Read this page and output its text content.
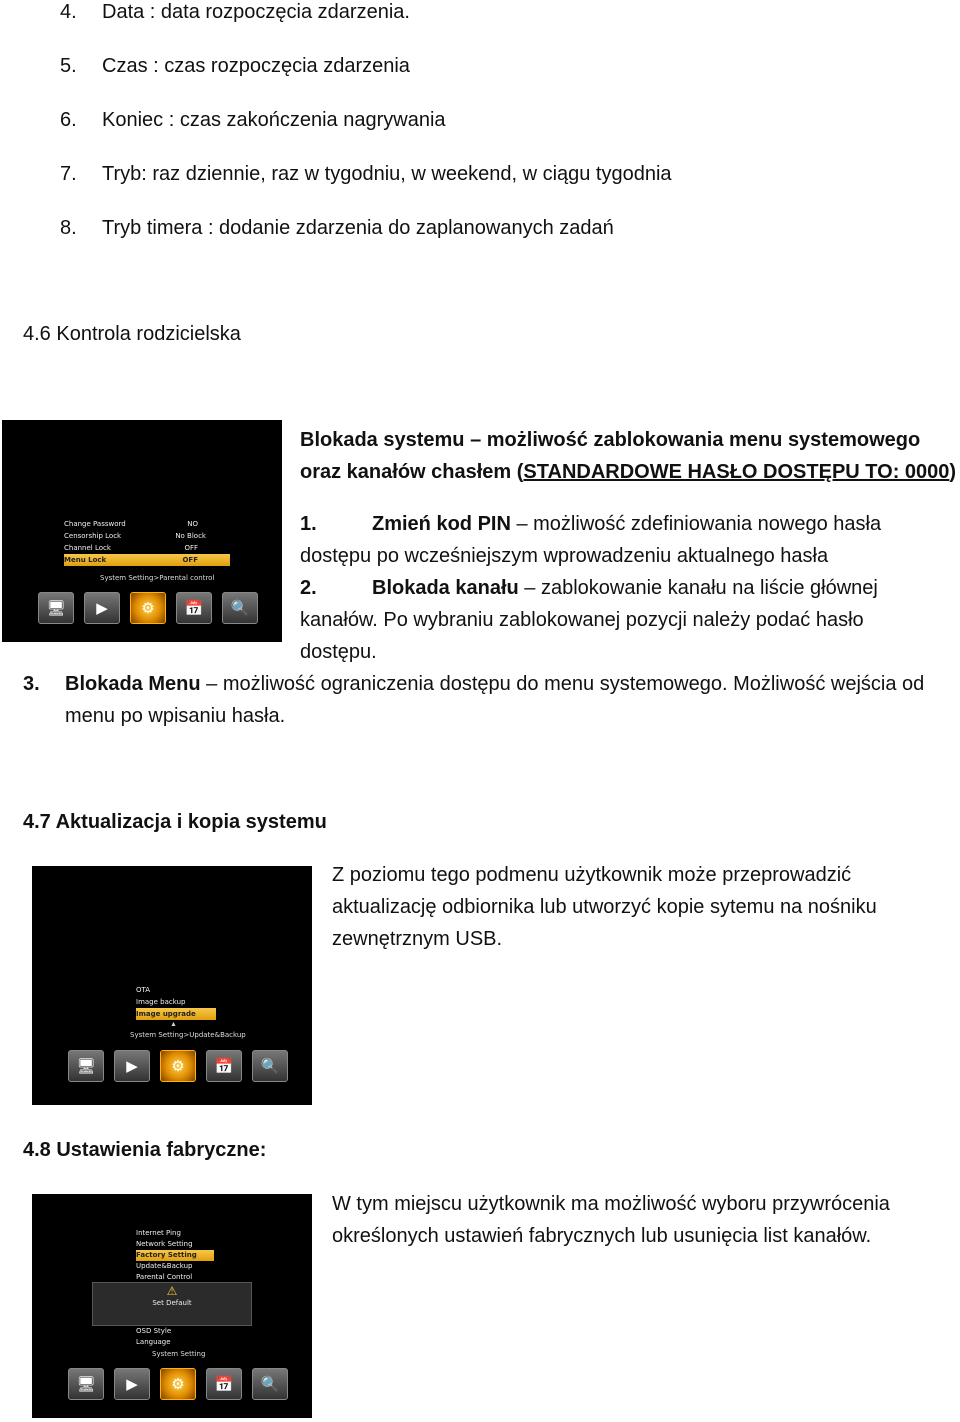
4. Data : data rozpoczęcia zdarzenia.
5. Czas : czas rozpoczęcia zdarzenia
6. Koniec : czas zakończenia nagrywania
7. Tryb: raz dziennie, raz w tygodniu, w weekend, w ciągu tygodnia
8. Tryb timera : dodanie zdarzenia do zaplanowanych zadań
4.6 Kontrola rodzicielska
Change Password	NO
Censorship Lock	No Block
Channel Lock	OFF
Menu Lock	OFF
System Setting>Parental control
🖥	▶	⚙	📅	🔍
Blokada systemu – możliwość zablokowania menu systemowego oraz kanałów chasłem (STANDARDOWE HASŁO DOSTĘPU TO: 0000)
1.	Zmień kod PIN – możliwość zdefiniowania nowego hasła dostępu po wcześniejszym wprowadzeniu aktualnego hasła
2.	Blokada kanału – zablokowanie kanału na liście głównej kanałów. Po wybraniu zablokowanej pozycji należy podać hasło dostępu.
3. Blokada Menu – możliwość ograniczenia dostępu do menu systemowego. Możliwość wejścia od menu po wpisaniu hasła.
4.7 Aktualizacja i kopia systemu
OTA
Image backup
Image upgrade
▲
System Setting>Update&Backup
🖥	▶	⚙	📅	🔍
Z poziomu tego podmenu użytkownik może przeprowadzić aktualizację odbiornika lub utworzyć kopie sytemu na nośniku zewnętrznym USB.
4.8 Ustawienia fabryczne:
Internet Ping
Network Setting
Factory Setting
Update&Backup
Parental Control
⚠
Set Default
OSD Style
Language
System Setting
🖥	▶	⚙	📅	🔍
W tym miejscu użytkownik ma możliwość wyboru przywrócenia określonych ustawień fabrycznych lub usunięcia list kanałów.
